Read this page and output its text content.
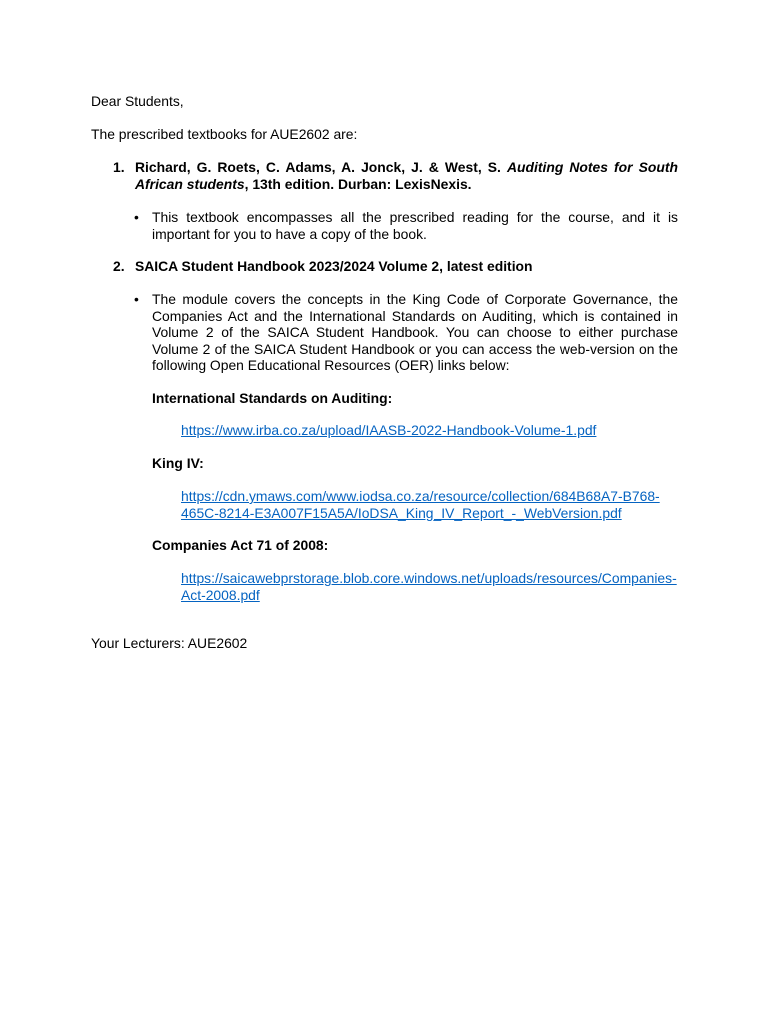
Dear Students,
The prescribed textbooks for AUE2602 are:
1. Richard, G. Roets, C. Adams, A. Jonck, J. & West, S. Auditing Notes for South African students, 13th edition. Durban: LexisNexis.
• This textbook encompasses all the prescribed reading for the course, and it is important for you to have a copy of the book.
2. SAICA Student Handbook 2023/2024 Volume 2, latest edition
• The module covers the concepts in the King Code of Corporate Governance, the Companies Act and the International Standards on Auditing, which is contained in Volume 2 of the SAICA Student Handbook. You can choose to either purchase Volume 2 of the SAICA Student Handbook or you can access the web-version on the following Open Educational Resources (OER) links below:
International Standards on Auditing:
https://www.irba.co.za/upload/IAASB-2022-Handbook-Volume-1.pdf
King IV:
https://cdn.ymaws.com/www.iodsa.co.za/resource/collection/684B68A7-B768-
465C-8214-E3A007F15A5A/IoDSA_King_IV_Report_-_WebVersion.pdf
Companies Act 71 of 2008:
https://saicawebprstorage.blob.core.windows.net/uploads/resources/Companies-
Act-2008.pdf
Your Lecturers: AUE2602
